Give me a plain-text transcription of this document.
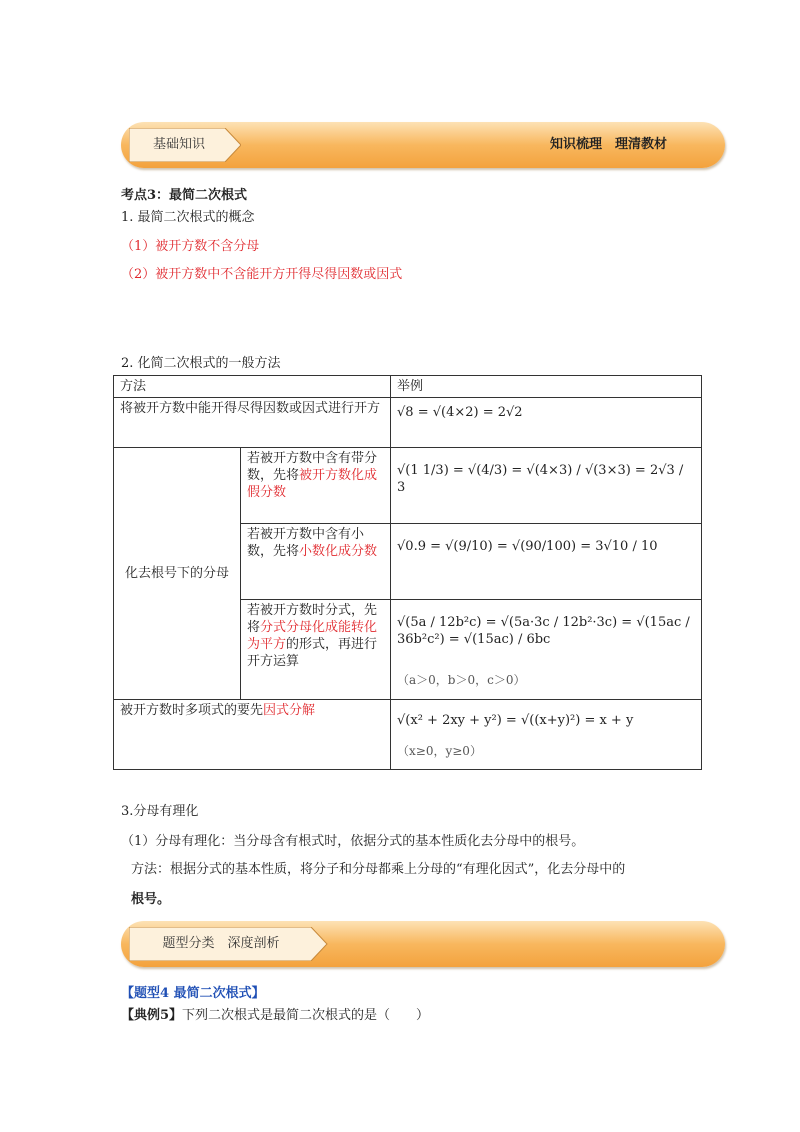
基础知识	知识梳理　理清教材
考点3：最简二次根式
1. 最简二次根式的概念
（1）被开方数不含分母
（2）被开方数中不含能开方开得尽得因数或因式
2. 化简二次根式的一般方法
方法		举例
将被开方数中能开得尽得因数或因式进行开方		√8 = √(4×2) = 2√2
化去根号下的分母	若被开方数中含有带分数，先将被开方数化成假分数	√(1 1/3) = √(4/3) = √(4×3) / √(3×3) = 2√3 / 3
	若被开方数中含有小数，先将小数化成分数	√0.9 = √(9/10) = √(90/100) = 3√10 / 10
	若被开方数时分式，先将分式分母化成能转化为平方的形式，再进行开方运算	√(5a / 12b²c) = √(5a·3c / 12b²·3c) = √(15ac / 36b²c²) = √(15ac) / 6bc
（a＞0，b＞0，c＞0）

被开方数时多项式的要先因式分解		√(x² + 2xy + y²) = √((x+y)²) = x + y
（x≥0，y≥0）
3.分母有理化
（1）分母有理化：当分母含有根式时，依据分式的基本性质化去分母中的根号。
方法：根据分式的基本性质，将分子和分母都乘上分母的“有理化因式”，化去分母中的
根号。
题型分类　深度剖析
【题型4 最简二次根式】
【典例5】下列二次根式是最简二次根式的是（　　）
